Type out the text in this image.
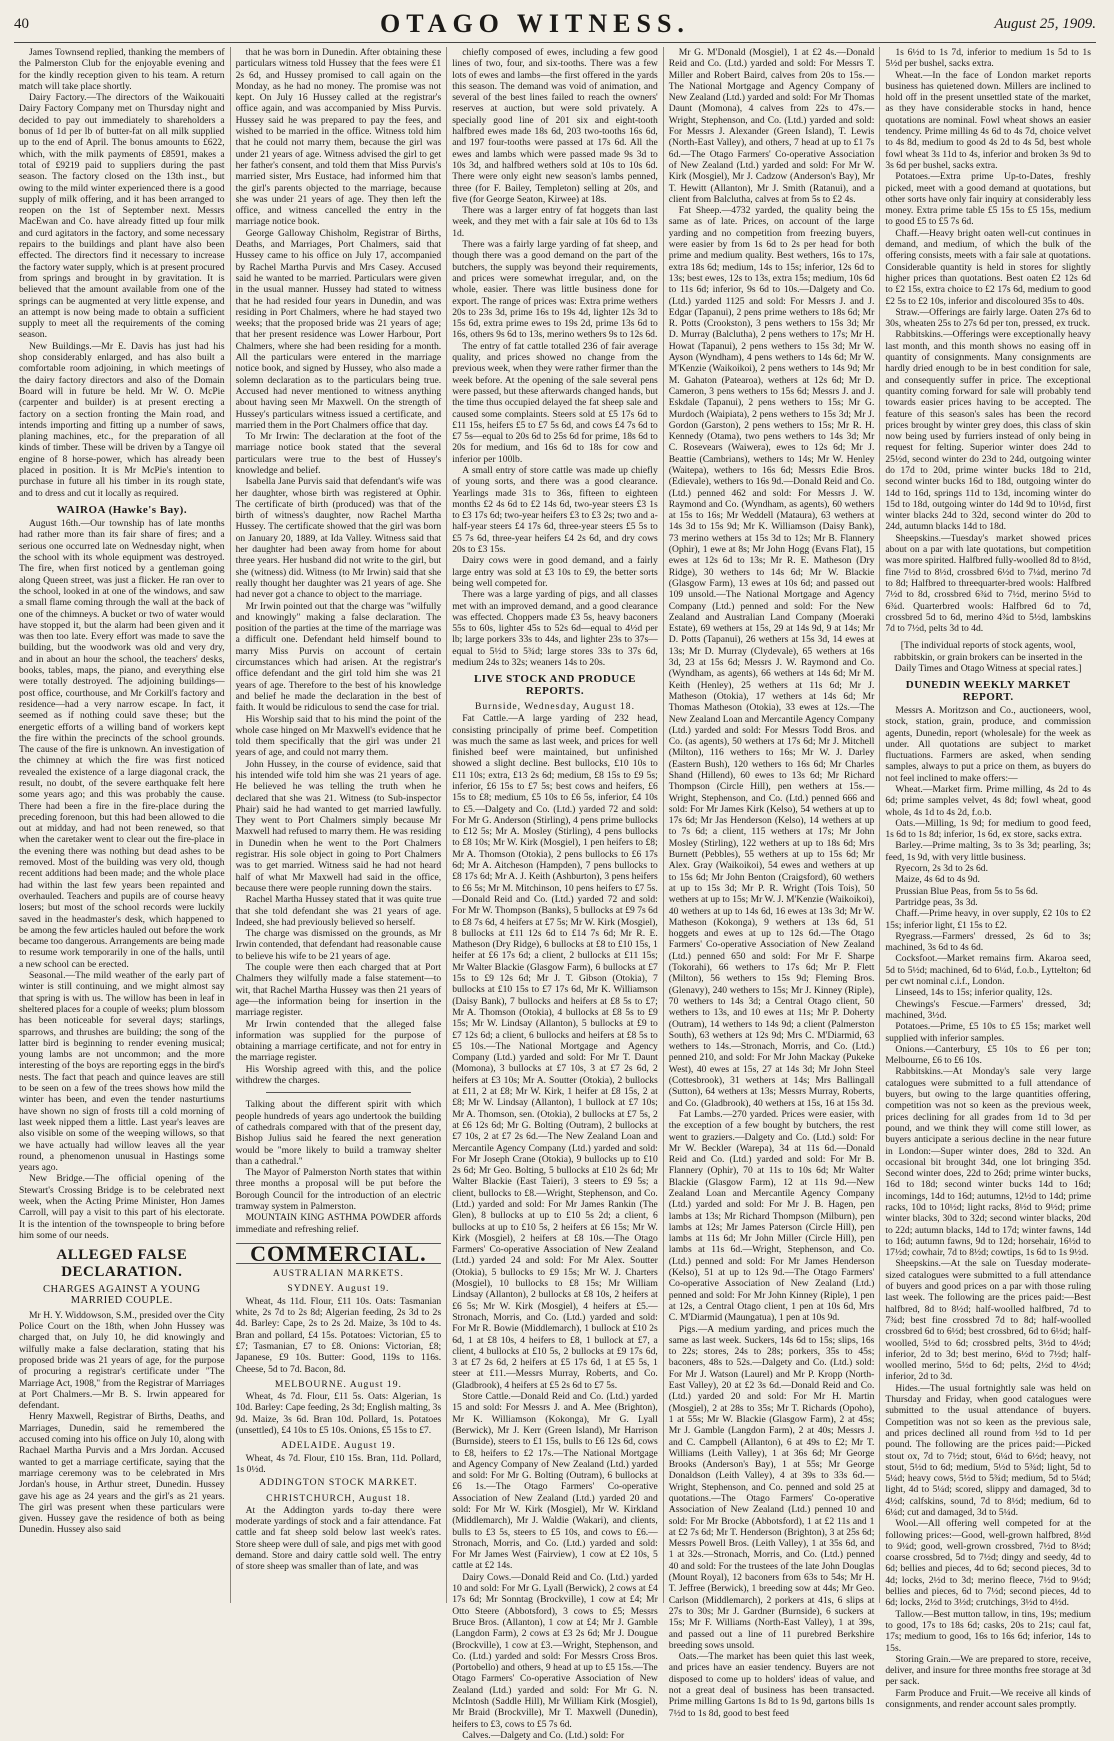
40	OTAGO WITNESS.	August 25, 1909.

James Townsend replied, thanking the members of the Palmerston Club for the enjoyable evening and for the kindly reception given to his team. A return match will take place shortly.

Dairy Factory.—The directors of the Waikouaiti Dairy Factory Company met on Thursday night and decided to pay out immediately to shareholders a bonus of 1d per lb of butter-fat on all milk supplied up to the end of April. The bonus amounts to £622, which, with the milk payments of £8591, makes a total of £9219 paid to suppliers during the past season. The factory closed on the 13th inst., but owing to the mild winter experienced there is a good supply of milk offering, and it has been arranged to reopen on the 1st of September next. Messrs MacEwan and Co. have already fitted up four milk and curd agitators in the factory, and some necessary repairs to the buildings and plant have also been effected. The directors find it necessary to increase the factory water supply, which is at present procured from springs and brought in by gravitation. It is believed that the amount available from one of the springs can be augmented at very little expense, and an attempt is now being made to obtain a sufficient supply to meet all the requirements of the coming season.

New Buildings.—Mr E. Davis has just had his shop considerably enlarged, and has also built a comfortable room adjoining, in which meetings of the dairy factory directors and also of the Domain Board will in future be held. Mr W. O. McPie (carpenter and builder) is at present erecting a factory on a section fronting the Main road, and intends importing and fitting up a number of saws, planing machines, etc., for the preparation of all kinds of timber. These will be driven by a Tangye oil engine of 8 horse-power, which has already been placed in position. It is Mr McPie's intention to purchase in future all his timber in its rough state, and to dress and cut it locally as required.

WAIROA (Hawke's Bay).

August 16th.—Our township has of late months had rather more than its fair share of fires; and a serious one occurred late on Wednesday night, when the school with its whole equipment was destroyed. The fire, when first noticed by a gentleman going along Queen street, was just a flicker. He ran over to the school, looked in at one of the windows, and saw a small flame coming through the wall at the back of one of the chimneys. A bucket or two of water would have stopped it, but the alarm had been given and it was then too late. Every effort was made to save the building, but the woodwork was old and very dry, and in about an hour the school, the teachers' desks, books, tables, maps, the piano, and everything else were totally destroyed. The adjoining buildings—post office, courthouse, and Mr Corkill's factory and residence—had a very narrow escape. In fact, it seemed as if nothing could save these; but the energetic efforts of a willing band of workers kept the fire within the precincts of the school grounds. The cause of the fire is unknown. An investigation of the chimney at which the fire was first noticed revealed the existence of a large diagonal crack, the result, no doubt, of the severe earthquake felt here some years ago; and this was probably the cause. There had been a fire in the fire-place during the preceding forenoon, but this had been allowed to die out at midday, and had not been renewed, so that when the caretaker went to clear out the fire-place in the evening there was nothing but dead ashes to be removed. Most of the building was very old, though recent additions had been made; and the whole place had within the last few years been repainted and overhauled. Teachers and pupils are of course heavy losers; but most of the school records were luckily saved in the headmaster's desk, which happened to be among the few articles hauled out before the work became too dangerous. Arrangements are being made to resume work temporarily in one of the halls, until a new school can be erected.

Seasonal.—The mild weather of the early part of winter is still continuing, and we might almost say that spring is with us. The willow has been in leaf in sheltered places for a couple of weeks; plum blossom has been noticeable for several days; starlings, sparrows, and thrushes are building; the song of the latter bird is beginning to render evening musical; young lambs are not uncommon; and the more interesting of the boys are reporting eggs in the bird's nests. The fact that peach and quince leaves are still to be seen on a few of the trees shows how mild the winter has been, and even the tender nasturtiums have shown no sign of frosts till a cold morning of last week nipped them a little. Last year's leaves are also visible on some of the weeping willows, so that we have actually had willow leaves all the year round, a phenomenon unusual in Hastings some years ago.

New Bridge.—The official opening of the Stewart's Crossing Bridge is to be celebrated next week, when the Acting Prime Minister, Hon James Carroll, will pay a visit to this part of his electorate. It is the intention of the townspeople to bring before him some of our needs.

ALLEGED FALSE DECLARATION.
CHARGES AGAINST A YOUNG MARRIED COUPLE.

Mr H. Y. Widdowson, S.M., presided over the City Police Court on the 18th, when John Hussey was charged that, on July 10, he did knowingly and wilfully make a false declaration, stating that his proposed bride was 21 years of age, for the purpose of procuring a registrar's certificate under "The Marriage Act, 1908," from the Registrar of Marriages at Port Chalmers.—Mr B. S. Irwin appeared for defendant.

Henry Maxwell, Registrar of Births, Deaths, and Marriages, Dunedin, said he remembered the accused coming into his office on July 10, along with Rachael Martha Purvis and a Mrs Jordan. Accused wanted to get a marriage certificate, saying that the marriage ceremony was to be celebrated in Mrs Jordan's house, in Arthur street, Dunedin. Hussey gave his age as 24 years and the girl's as 21 years. The girl was present when these particulars were given. Hussey gave the residence of both as being Dunedin. Hussey also said

that he was born in Dunedin. After obtaining these particulars witness told Hussey that the fees were £1 2s 6d, and Hussey promised to call again on the Monday, as he had no money. The promise was not kept. On July 16 Hussey called at the registrar's office again, and was accompanied by Miss Purvis. Hussey said he was prepared to pay the fees, and wished to be married in the office. Witness told him that he could not marry them, because the girl was under 21 years of age. Witness advised the girl to get her father's consent, and told them that Miss Purvis's married sister, Mrs Eustace, had informed him that the girl's parents objected to the marriage, because she was under 21 years of age. They then left the office, and witness cancelled the entry in the marriage notice book.

George Galloway Chisholm, Registrar of Births, Deaths, and Marriages, Port Chalmers, said that Hussey came to his office on July 17, accompanied by Rachel Martha Purvis and Mrs Casey. Accused said he wanted to be married. Particulars were given in the usual manner. Hussey had stated to witness that he had resided four years in Dunedin, and was residing in Port Chalmers, where he had stayed two weeks; that the proposed bride was 21 years of age; that her present residence was Lower Harbour, Port Chalmers, where she had been residing for a month. All the particulars were entered in the marriage notice book, and signed by Hussey, who also made a solemn declaration as to the particulars being true. Accused had never mentioned to witness anything about having seen Mr Maxwell. On the strength of Hussey's particulars witness issued a certificate, and married them in the Port Chalmers office that day.

To Mr Irwin: The declaration at the foot of the marriage notice book stated that the several particulars were true to the best of Hussey's knowledge and belief.

Isabella Jane Purvis said that defendant's wife was her daughter, whose birth was registered at Ophir. The certificate of birth (produced) was that of the birth of witness's daughter, now Rachel Martha Hussey. The certificate showed that the girl was born on January 20, 1889, at Ida Valley. Witness said that her daughter had been away from home for about three years. Her husband did not write to the girl, but she (witness) did. Witness (to Mr Irwin) said that she really thought her daughter was 21 years of age. She had never got a chance to object to the marriage.

Mr Irwin pointed out that the charge was "wilfully and knowingly" making a false declaration. The position of the parties at the time of the marriage was a difficult one. Defendant held himself bound to marry Miss Purvis on account of certain circumstances which had arisen. At the registrar's office defendant and the girl told him she was 21 years of age. Therefore to the best of his knowledge and belief he made the declaration in the best of faith. It would be ridiculous to send the case for trial.

His Worship said that to his mind the point of the whole case hinged on Mr Maxwell's evidence that he told them specifically that the girl was under 21 years of age, and could not marry them.

John Hussey, in the course of evidence, said that his intended wife told him she was 21 years of age. He believed he was telling the truth when he declared that she was 21. Witness (to Sub-inspector Phair) said he had wanted to get married lawfully. They went to Port Chalmers simply because Mr Maxwell had refused to marry them. He was residing in Dunedin when he went to the Port Chalmers registrar. His sole object in going to Port Chalmers was to get married. Witness said he had not heard half of what Mr Maxwell had said in the office, because there were people running down the stairs.

Rachel Martha Hussey stated that it was quite true that she told defendant she was 21 years of age. Indeed, she had previously believed so herself.

The charge was dismissed on the grounds, as Mr Irwin contended, that defendant had reasonable cause to believe his wife to be 21 years of age.

The couple were then each charged that at Port Chalmers they wilfully made a false statement—to wit, that Rachel Martha Hussey was then 21 years of age—the information being for insertion in the marriage register.

Mr Irwin contended that the alleged false information was supplied for the purpose of obtaining a marriage certificate, and not for entry in the marriage register.

His Worship agreed with this, and the police withdrew the charges.

Talking about the different spirit with which people hundreds of years ago undertook the building of cathedrals compared with that of the present day, Bishop Julius said he feared the next generation would be "more likely to build a tramway shelter than a cathedral."

The Mayor of Palmerston North states that within three months a proposal will be put before the Borough Council for the introduction of an electric tramway system in Palmerston.

MOUNTAIN KING ASTHMA POWDER affords immediate and refreshing relief.

COMMERCIAL.
AUSTRALIAN MARKETS.
SYDNEY. August 19.

Wheat, 4s 11d. Flour, £11 10s. Oats: Tasmanian white, 2s 7d to 2s 8d; Algerian feeding, 2s 3d to 2s 4d. Barley: Cape, 2s to 2s 2d. Maize, 3s 10d to 4s. Bran and pollard, £4 15s. Potatoes: Victorian, £5 to £7; Tasmanian, £7 to £8. Onions: Victorian, £8; Japanese, £9 10s. Butter: Good, 119s to 116s. Cheese, 5d to 7d. Bacon, 8d.

MELBOURNE. August 19.

Wheat, 4s 7d. Flour, £11 5s. Oats: Algerian, 1s 10d. Barley: Cape feeding, 2s 3d; English malting, 3s 9d. Maize, 3s 6d. Bran 10d. Pollard, 1s. Potatoes (unsettled), £4 10s to £5 10s. Onions, £5 15s to £7.

ADELAIDE. August 19.

Wheat, 4s 7d. Flour, £10 15s. Bran, 11d. Pollard, 1s 0½d.

ADDINGTON STOCK MARKET.
CHRISTCHURCH, August 18.

At the Addington yards to-day there were moderate yardings of stock and a fair attendance. Fat cattle and fat sheep sold below last week's rates. Store sheep were dull of sale, and pigs met with good demand. Store and dairy cattle sold well. The entry of store sheep was smaller than of late, and was

chiefly composed of ewes, including a few good lines of two, four, and six-tooths. There was a few lots of ewes and lambs—the first offered in the yards this season. The demand was void of animation, and several of the best lines failed to reach the owners' reserves at auction, but were sold privately. A specially good line of 201 six and eight-tooth halfbred ewes made 18s 6d, 203 two-tooths 16s 6d, and 197 four-tooths were passed at 17s 6d. All the ewes and lambs which were passed made 9s 3d to 10s 3d, and halfbred wethers sold at 10s to 10s 6d. There were only eight new season's lambs penned, three (for F. Bailey, Templeton) selling at 20s, and five (for George Seaton, Kirwee) at 18s.

There was a larger entry of fat hoggets than last week, and they met with a fair sale at 10s 6d to 13s 1d.

There was a fairly large yarding of fat sheep, and though there was a good demand on the part of the butchers, the supply was beyond their requirements, and prices were somewhat irregular, and, on the whole, easier. There was little business done for export. The range of prices was: Extra prime wethers 20s to 23s 3d, prime 16s to 19s 4d, lighter 12s 3d to 15s 6d, extra prime ewes to 19s 2d, prime 13s 6d to 16s, others 9s 6d to 13s, merino wethers 9s to 12s 6d.

The entry of fat cattle totalled 236 of fair average quality, and prices showed no change from the previous week, when they were rather firmer than the week before. At the opening of the sale several pens were passed, but these afterwards changed hands, but the time thus occupied delayed the fat sheep sale and caused some complaints. Steers sold at £5 17s 6d to £11 15s, heifers £5 to £7 5s 6d, and cows £4 7s 6d to £7 5s—equal to 20s 6d to 25s 6d for prime, 18s 6d to 20s for medium, and 16s 6d to 18s for cow and inferior per 100lb.

A small entry of store cattle was made up chiefly of young sorts, and there was a good clearance. Yearlings made 31s to 36s, fifteen to eighteen months £2 4s 6d to £2 14s 6d, two-year steers £3 1s to £3 17s 6d; two-year heifers £3 to £3 2s; two and a-half-year steers £4 17s 6d, three-year steers £5 5s to £5 7s 6d, three-year heifers £4 2s 6d, and dry cows 20s to £3 15s.

Dairy cows were in good demand, and a fairly large entry was sold at £3 10s to £9, the better sorts being well competed for.

There was a large yarding of pigs, and all classes met with an improved demand, and a good clearance was effected. Choppers made £3 5s, heavy baconers 55s to 60s, lighter 45s to 52s 6d—equal to 4½d per lb; large porkers 33s to 44s, and lighter 23s to 37s—equal to 5½d to 5¾d; large stores 33s to 37s 6d, medium 24s to 32s; weaners 14s to 20s.

LIVE STOCK AND PRODUCE REPORTS.
Burnside, Wednesday, August 18.

Fat Cattle.—A large yarding of 232 head, consisting principally of prime beef. Competition was much the same as last week, and prices for well finished beef were maintained, but unfinished showed a slight decline. Best bullocks, £10 10s to £11 10s; extra, £13 2s 6d; medium, £8 15s to £9 5s; inferior, £6 15s to £7 5s; best cows and heifers, £6 15s to £8; medium, £5 10s to £6 5s, inferior, £4 10s to £5.—Dalgety and Co. (Ltd.) yarded 72 and sold: For Mr G. Anderson (Stirling), 4 pens prime bullocks to £12 5s; Mr A. Mosley (Stirling), 4 pens bullocks to £8 10s; Mr W. Kirk (Mosgiel), 1 pen heifers to £8; Mr A. Thomson (Otokia), 2 pens bullocks to £6 17s 6d; Mr A. Aitcheson (Hampden), 7 pens bullocks to £8 17s 6d; Mr A. J. Keith (Ashburton), 3 pens heifers to £6 5s; Mr M. Mitchinson, 10 pens heifers to £7 5s.—Donald Reid and Co. (Ltd.) yarded 72 and sold: For Mr W. Thompson (Banks), 5 bullocks at £9 7s 6d to £8 7s 6d, 4 heifers at £7 5s; Mr W. Kirk (Mosgiel), 8 bullocks at £11 12s 6d to £14 7s 6d; Mr R. E. Matheson (Dry Ridge), 6 bullocks at £8 to £10 15s, 1 heifer at £6 17s 6d; a client, 2 bullocks at £11 15s; Mr Walter Blackie (Glasgow Farm), 6 bullocks at £7 15s to £9 12s 6d; Mr J. T. Gibson (Otokia), 7 bullocks at £10 15s to £7 17s 6d, Mr K. Williamson (Daisy Bank), 7 bullocks and heifers at £8 5s to £7; Mr A. Thomson (Otokia), 4 bullocks at £8 5s to £9 15s; Mr W. Lindsay (Allanton), 5 bullocks at £9 to £7 12s 6d; a client, 6 bullocks and heifers at £8 5s to £5 10s.—The National Mortgage and Agency Company (Ltd.) yarded and sold: For Mr T. Daunt (Momona), 3 bullocks at £7 10s, 3 at £7 2s 6d, 2 heifers at £3 10s; Mr A. Soutter (Otokia), 2 bullocks at £11, 2 at £8; Mr W. Kirk, 1 heifer at £8 15s, 2 at £8; Mr W. Lindsay (Allanton), 1 bullock at £7 10s; Mr A. Thomson, sen. (Otokia), 2 bullocks at £7 5s, 2 at £6 12s 6d; Mr G. Bolting (Outram), 2 bullocks at £7 10s, 2 at £7 2s 6d.—The New Zealand Loan and Mercantile Agency Company (Ltd.) yarded and sold: For Mr Joseph Crane (Otokia), 9 bullocks up to £10 2s 6d; Mr Geo. Bolting, 5 bullocks at £10 2s 6d; Mr Walter Blackie (East Taieri), 3 steers to £9 5s; a client, bullocks to £8.—Wright, Stephenson, and Co. (Ltd.) yarded and sold: For Mr James Rankin (The Glen), 8 bullocks at up to £10 5s 2d; a client, 6 bullocks at up to £10 5s, 2 heifers at £6 15s; Mr W. Kirk (Mosgiel), 2 heifers at £8 10s.—The Otago Farmers' Co-operative Association of New Zealand (Ltd.) yarded 24 and sold: For Mr Alex. Soutter (Otokia), 5 bullocks to £9 15s; Mr W. J. Charters (Mosgiel), 10 bullocks to £8 15s; Mr William Lindsay (Allanton), 2 bullocks at £8 10s, 2 heifers at £6 5s; Mr W. Kirk (Mosgiel), 4 heifers at £5.—Stronach, Morris, and Co. (Ltd.) yarded and sold: For Mr R. Bowie (Middlemarch), 1 bullock at £10 2s 6d, 1 at £8 10s, 4 heifers to £8, 1 bullock at £7, a client, 4 bullocks at £10 5s, 2 bullocks at £9 17s 6d, 3 at £7 2s 6d, 2 heifers at £5 17s 6d, 1 at £5 5s, 1 steer at £11.—Messrs Murray, Roberts, and Co. (Gladbrook), 4 heifers at £5 2s 6d to £7 5s.

Store Cattle.—Donald Reid and Co. (Ltd.) yarded 15 and sold: For Messrs J. and A. Mee (Brighton), Mr K. Williamson (Kokonga), Mr G. Lyall (Berwick), Mr J. Kerr (Green Island), Mr Harrison (Burnside), steers to £1 15s, bulls to £6 12s 6d, cows to £8, heifers to £2 17s.—The National Mortgage and Agency Company of New Zealand (Ltd.) yarded and sold: For Mr G. Bolting (Outram), 6 bullocks at £6 1s.—The Otago Farmers' Co-operative Association of New Zealand (Ltd.) yarded 20 and sold: For Mr W. Kirk (Mosgiel), Mr W. Kirkland (Middlemarch), Mr J. Waldie (Wakari), and clients, bulls to £3 5s, steers to £5 10s, and cows to £6.—Stronach, Morris, and Co. (Ltd.) yarded and sold: For Mr James West (Fairview), 1 cow at £2 10s, 5 cattle at £2 14s.

Dairy Cows.—Donald Reid and Co. (Ltd.) yarded 10 and sold: For Mr G. Lyall (Berwick), 2 cows at £4 17s 6d; Mr Sonntag (Brockville), 1 cow at £4; Mr Otto Steere (Abbotsford), 3 cows to £5; Messrs Bruce Bros. (Allanton), 1 cow at £4; Mr J. Gamble (Langdon Farm), 2 cows at £3 2s 6d; Mr J. Dougue (Brockville), 1 cow at £3.—Wright, Stephenson, and Co. (Ltd.) yarded and sold: For Messrs Cross Bros. (Portobello) and others, 9 head at up to £5 15s.—The Otago Farmers' Co-operative Association of New Zealand (Ltd.) yarded and sold: For Mr G. N. McIntosh (Saddle Hill), Mr William Kirk (Mosgiel), Mr Braid (Brockville), Mr T. Maxwell (Dunedin), heifers to £3, cows to £5 7s 6d.

Calves.—Dalgety and Co. (Ltd.) sold: For

Mr G. M'Donald (Mosgiel), 1 at £2 4s.—Donald Reid and Co. (Ltd.) yarded and sold: For Messrs T. Miller and Robert Baird, calves from 20s to 15s.—The National Mortgage and Agency Company of New Zealand (Ltd.) yarded and sold: For Mr Thomas Daunt (Momona), 4 calves from 22s to 47s.—Wright, Stephenson, and Co. (Ltd.) yarded and sold: For Messrs J. Alexander (Green Island), T. Lewis (North-East Valley), and others, 7 head at up to £1 7s 6d.—The Otago Farmers' Co-operative Association of New Zealand (Ltd.) yarded and sold: For Mr W. Kirk (Mosgiel), Mr J. Cadzow (Anderson's Bay), Mr T. Hewitt (Allanton), Mr J. Smith (Ratanui), and a client from Balclutha, calves at from 5s to £2 4s.

Fat Sheep.—4732 yarded, the quality being the same as of late. Prices, on account of the large yarding and no competition from freezing buyers, were easier by from 1s 6d to 2s per head for both prime and medium quality. Best wethers, 16s to 17s, extra 18s 6d; medium, 14s to 15s; inferior, 12s 6d to 13s; best ewes, 12s to 13s, extra 15s; medium, 10s 6d to 11s 6d; inferior, 9s 6d to 10s.—Dalgety and Co. (Ltd.) yarded 1125 and sold: For Messrs J. and J. Edgar (Tapanui), 2 pens prime wethers to 18s 6d; Mr R. Potts (Crookston), 3 pens wethers to 15s 3d; Mr D. Murray (Balclutha), 2 pens wethers to 17s; Mr H. Howat (Tapanui), 2 pens wethers to 15s 3d; Mr W. Ayson (Wyndham), 4 pens wethers to 14s 6d; Mr W. M'Kenzie (Waikoikoi), 2 pens wethers to 14s 9d; Mr M. Gahaton (Patearoa), wethers at 12s 6d; Mr D. Cameron, 3 pens wethers to 15s 6d; Messrs J. and J. Eskdale (Tapanui), 2 pens wethers to 15s; Mr G. Murdoch (Waipiata), 2 pens wethers to 15s 3d; Mr J. Gordon (Garston), 2 pens wethers to 15s; Mr R. H. Kennedy (Otama), two pens wethers to 14s 3d; Mr C. Rosevears (Waiwera), ewes to 12s 6d; Mr J. Beattie (Cambrians), wethers to 14s; Mr W. Henley (Waitepa), wethers to 16s 6d; Messrs Edie Bros. (Edievale), wethers to 16s 9d.—Donald Reid and Co. (Ltd.) penned 462 and sold: For Messrs J. W. Raymond and Co. (Wyndham, as agents), 60 wethers at 15s to 16s; Mr Weddell (Mataura), 63 wethers at 14s 3d to 15s 9d; Mr K. Williamson (Daisy Bank), 73 merino wethers at 15s 3d to 12s; Mr B. Flannery (Ophir), 1 ewe at 8s; Mr John Hogg (Evans Flat), 15 ewes at 12s 6d to 13s; Mr R. E. Matheson (Dry Ridge), 30 wethers to 14s 6d; Mr W. Blackie (Glasgow Farm), 13 ewes at 10s 6d; and passed out 109 unsold.—The National Mortgage and Agency Company (Ltd.) penned and sold: For the New Zealand and Australian Land Company (Moeraki Estate), 69 wethers at 15s, 29 at 14s 9d, 9 at 14s; Mr D. Potts (Tapanui), 26 wethers at 15s 3d, 14 ewes at 13s; Mr D. Murray (Clydevale), 65 wethers at 16s 3d, 23 at 15s 6d; Messrs J. W. Raymond and Co. (Wyndham, as agents), 66 wethers at 14s 6d; Mr M. Keith (Henley), 25 wethers at 11s 6d; Mr J. Matheson (Otokia), 17 wethers at 14s 6d; Mr Thomas Matheson (Otokia), 33 ewes at 12s.—The New Zealand Loan and Mercantile Agency Company (Ltd.) yarded and sold: For Messrs Todd Bros. and Co. (as agents), 50 wethers at 17s 6d; Mr J. Mitchell (Milton), 116 wethers to 16s; Mr W. J. Darley (Eastern Bush), 120 wethers to 16s 6d; Mr Charles Shand (Hillend), 60 ewes to 13s 6d; Mr Richard Thompson (Circle Hill), pen wethers at 15s.—Wright, Stephenson, and Co. (Ltd.) penned 666 and sold: For Mr James Kirk (Kelso), 54 wethers at up to 17s 6d; Mr Jas Henderson (Kelso), 14 wethers at up to 7s 6d; a client, 115 wethers at 17s; Mr John Mosley (Stirling), 122 wethers at up to 18s 6d; Mrs Burnett (Pebbles), 55 wethers at up to 15s 6d; Mr Alex. Gray (Waikoikoi), 54 ewes and wethers at up to 15s 6d; Mr John Benton (Craigsford), 60 wethers at up to 15s 3d; Mr P. R. Wright (Tois Tois), 50 wethers at up to 15s; Mr W. J. M'Kenzie (Waikoikoi), 40 wethers at up to 14s 6d, 16 ewes at 13s 3d; Mr W. Matheson (Kokonga), 9 wethers at 13s 6d, 51 hoggets and ewes at up to 12s 6d.—The Otago Farmers' Co-operative Association of New Zealand (Ltd.) penned 650 and sold: For Mr F. Sharpe (Tokorahi), 66 wethers to 17s 6d; Mr P. Flett (Milton), 56 wethers to 15s 9d; Fleming Bros. (Glenavy), 240 wethers to 15s; Mr J. Kinney (Riple), 70 wethers to 14s 3d; a Central Otago client, 50 wethers to 13s, and 10 ewes at 11s; Mr P. Doherty (Outram), 14 wethers to 14s 9d; a client (Palmerston South), 63 wethers at 12s 9d; Mrs C. M'Diarmid, 63 wethers to 14s.—Stronach, Morris, and Co. (Ltd.) penned 210, and sold: For Mr John Mackay (Pukeke West), 40 ewes at 15s, 27 at 14s 3d; Mr John Steel (Cottesbrook), 31 wethers at 14s; Mrs Ballingall (Sutton), 64 wethers at 13s; Messrs Murray, Roberts, and Co. (Gladbrook), 40 wethers at 15s, 16 at 15s 3d.

Fat Lambs.—270 yarded. Prices were easier, with the exception of a few bought by butchers, the rest went to graziers.—Dalgety and Co. (Ltd.) sold: For Mr W. Beckler (Warepa), 34 at 11s 6d.—Donald Reid and Co. (Ltd.) yarded and sold: For Mr B. Flannery (Ophir), 70 at 11s to 10s 6d; Mr Walter Blackie (Glasgow Farm), 12 at 11s 9d.—New Zealand Loan and Mercantile Agency Company (Ltd.) yarded and sold: For Mr J. B. Hagen, pen lambs at 13s; Mr Richard Thompson (Milburn), pen lambs at 12s; Mr James Paterson (Circle Hill), pen lambs at 11s 6d; Mr John Miller (Circle Hill), pen lambs at 11s 6d.—Wright, Stephenson, and Co. (Ltd.) penned and sold: For Mr James Henderson (Kelso), 51 at up to 12s 9d.—The Otago Farmers' Co-operative Association of New Zealand (Ltd.) penned and sold: For Mr John Kinney (Riple), 1 pen at 12s, a Central Otago client, 1 pen at 10s 6d, Mrs C. M'Diarmid (Maungatua), 1 pen at 10s 9d.

Pigs.—A medium yarding, and prices much the same as last week. Suckers, 14s 6d to 15s; slips, 16s to 22s; stores, 24s to 28s; porkers, 35s to 45s; baconers, 48s to 52s.—Dalgety and Co. (Ltd.) sold: For Mr J. Watson (Laurel) and Mr P. Kropp (North-East Valley), 20 at £2 3s 6d.—Donald Reid and Co. (Ltd.) yarded 20 and sold: For Mr H. Martin (Mosgiel), 2 at 28s to 35s; Mr T. Richards (Opoho), 1 at 55s; Mr W. Blackie (Glasgow Farm), 2 at 45s; Mr J. Gamble (Langdon Farm), 2 at 40s; Messrs J. and C. Campbell (Allanton), 6 at 49s to £2; Mr T. Williams (Leith Valley), 1 at 36s 6d; Mr George Brooks (Anderson's Bay), 1 at 55s; Mr George Donaldson (Leith Valley), 4 at 39s to 33s 6d.—Wright, Stephenson, and Co. penned and sold 25 at quotations.—The Otago Farmers' Co-operative Association of New Zealand (Ltd.) penned 10 and sold: For Mr Brocke (Abbotsford), 1 at £2 11s and 1 at £2 7s 6d; Mr T. Henderson (Brighton), 3 at 25s 6d; Messrs Powell Bros. (Leith Valley), 1 at 35s 6d, and 1 at 32s.—Stronach, Morris, and Co. (Ltd.) penned 40 and sold: For the trustees of the late John Douglas (Mount Royal), 12 baconers from 63s to 54s; Mr H. T. Jeffree (Berwick), 1 breeding sow at 44s; Mr Geo. Carlson (Middlemarch), 2 porkers at 41s, 6 slips at 27s to 30s; Mr J. Gardner (Burnside), 6 suckers at 15s; Mr F. Williams (North-East Valley), 1 at 39s, and passed out a line of 11 purebred Berkshire breeding sows unsold.

Oats.—The market has been quiet this last week, and prices have an easier tendency. Buyers are not disposed to come up to holders' ideas of value, and not a great deal of business has been transacted. Prime milling Gartons 1s 8d to 1s 9d, gartons bills 1s 7½d to 1s 8d, good to best feed

1s 6½d to 1s 7d, inferior to medium 1s 5d to 1s 5½d per bushel, sacks extra.

Wheat.—In the face of London market reports business has quietened down. Millers are inclined to hold off in the present unsettled state of the market, as they have considerable stocks in hand, hence quotations are nominal. Fowl wheat shows an easier tendency. Prime milling 4s 6d to 4s 7d, choice velvet to 4s 8d, medium to good 4s 2d to 4s 5d, best whole fowl wheat 3s 11d to 4s, inferior and broken 3s 9d to 3s 6d per bushel, sacks extra.

Potatoes.—Extra prime Up-to-Dates, freshly picked, meet with a good demand at quotations, but other sorts have only fair inquiry at considerably less money. Extra prime table £5 15s to £5 15s, medium to good £5 to £5 7s 6d.

Chaff.—Heavy bright oaten well-cut continues in demand, and medium, of which the bulk of the offering consists, meets with a fair sale at quotations. Considerable quantity is held in stores for slightly higher prices than quotations. Best oaten £2 12s 6d to £2 15s, extra choice to £2 17s 6d, medium to good £2 5s to £2 10s, inferior and discoloured 35s to 40s.

Straw.—Offerings are fairly large. Oaten 27s 6d to 30s, wheaten 25s to 27s 6d per ton, pressed, ex truck.

Rabbitskins.—Offerings were exceptionally heavy last month, and this month shows no easing off in quantity of consignments. Many consignments are hardly dried enough to be in best condition for sale, and consequently suffer in price. The exceptional quantity coming forward for sale will probably tend towards easier prices having to be accepted. The feature of this season's sales has been the record prices brought by winter grey does, this class of skin now being used by furriers instead of only being in request for felting. Superior winter does 24d to 25½d, second winter do 23d to 24d, outgoing winter do 17d to 20d, prime winter bucks 18d to 21d, second winter bucks 16d to 18d, outgoing winter do 14d to 16d, springs 11d to 13d, incoming winter do 15d to 18d, outgoing winter do 14d 9d to 10½d, first winter blacks 24d to 32d, second winter do 20d to 24d, autumn blacks 14d to 18d.

Sheepskins.—Tuesday's market showed prices about on a par with late quotations, but competition was more spirited. Halfbred fully-woolled 8d to 8½d, fine 7½d to 8½d, crossbred 6½d to 7¼d, merino 7d to 8d; Halfbred to threequarter-bred wools: Halfbred 7½d to 8d, crossbred 6¾d to 7½d, merino 5½d to 6¾d. Quarterbred wools: Halfbred 6d to 7d, crossbred 5d to 6d, merino 4¾d to 5½d, lambskins 7d to 7½d, pelts 3d to 4d.

[The individual reports of stock agents, wool, rabbitskin, or grain brokers can be inserted in the Daily Times and Otago Witness at special rates.]
DUNEDIN WEEKLY MARKET REPORT.

Messrs A. Moritzson and Co., auctioneers, wool, stock, station, grain, produce, and commission agents, Dunedin, report (wholesale) for the week as under. All quotations are subject to market fluctuations. Farmers are asked, when sending samples, always to put a price on them, as buyers do not feel inclined to make offers:—

Wheat.—Market firm. Prime milling, 4s 2d to 4s 6d; prime samples velvet, 4s 8d; fowl wheat, good whole, 4s 1d to 4s 2d, f.o.b.

Oats.—Milling, 1s 9d; for medium to good feed, 1s 6d to 1s 8d; inferior, 1s 6d, ex store, sacks extra.

Barley.—Prime malting, 3s to 3s 3d; pearling, 3s; feed, 1s 9d, with very little business.

Ryecorn, 2s 3d to 2s 6d.

Maize, 4s 6d to 4s 9d.

Prussian Blue Peas, from 5s to 5s 6d.

Partridge peas, 3s 3d.

Chaff.—Prime heavy, in over supply, £2 10s to £2 15s; inferior light, £1 15s to £2.

Ryegrass.—Farmers' dressed, 2s 6d to 3s; machined, 3s 6d to 4s 6d.

Cocksfoot.—Market remains firm. Akaroa seed, 5d to 5½d; machined, 6d to 6¼d, f.o.b., Lyttelton; 6d per cwt nominal c.i.f., London.

Linseed, 14s to 15s; inferior quality, 12s.

Chewings's Fescue.—Farmers' dressed, 3d; machined, 3½d.

Potatoes.—Prime, £5 10s to £5 15s; market well supplied with inferior samples.

Onions.—Canterbury, £5 10s to £6 per ton; Melbourne, £6 to £6 10s.

Rabbitskins.—At Monday's sale very large catalogues were submitted to a full attendance of buyers, but owing to the large quantities offering, competition was not so keen as the previous week, prices declining for all grades from 1d to 3d per pound, and we think they will come still lower, as buyers anticipate a serious decline in the near future in London:—Super winter does, 28d to 32d. An occasional bit brought 34d, one lot bringing 35d. Second winter does, 22d to 26d; prime winter bucks, 16d to 18d; second winter bucks 14d to 16d; incomings, 14d to 16d; autumns, 12½d to 14d; prime racks, 10d to 10½d; light racks, 8½d to 9½d; prime winter blacks, 30d to 32d; second winter blacks, 20d to 22d; autumn blacks, 14d to 17d; winter fawns, 14d to 16d; autumn fawns, 9d to 12d; horsehair, 16½d to 17½d; cowhair, 7d to 8½d; cowtips, 1s 6d to 1s 9½d.

Sheepskins.—At the sale on Tuesday moderate-sized catalogues were submitted to a full attendance of buyers and good prices on a par with those ruling last week. The following are the prices paid:—Best halfbred, 8d to 8½d; half-woolled halfbred, 7d to 7¾d; best fine crossbred 7d to 8d; half-woolled crossbred 6d to 6½d; best crossbred, 6d to 6½d; half-woolled, 5½d to 6d; crossbred pelts, 3½d to 4½d; inferior, 2d to 3d; best merino, 6½d to 7½d; half-woolled merino, 5½d to 6d; pelts, 2½d to 4½d; inferior, 2d to 3d.

Hides.—The usual fortnightly sale was held on Thursday and Friday, when good catalogues were submitted to the usual attendance of buyers. Competition was not so keen as the previous sale, and prices declined all round from ½d to 1d per pound. The following are the prices paid:—Picked stout ox, 7d to 7½d; stout, 6¼d to 6½d; heavy, not stout, 5½d to 6d; medium, 5½d to 5¾d; light, 5d to 5¼d; heavy cows, 5½d to 5¾d; medium, 5d to 5¼d; light, 4d to 5¼d; scored, slippy and damaged, 3d to 4½d; calfskins, sound, 7d to 8½d; medium, 6d to 6¼d; cut and damaged, 3d to 5¼d.

Wool.—All offering well competed for at the following prices:—Good, well-grown halfbred, 8½d to 9¼d; good, well-grown crossbred, 7½d to 8½d; coarse crossbred, 5d to 7½d; dingy and seedy, 4d to 6d; bellies and pieces, 4d to 6d; second pieces, 3d to 4d; locks, 2½d to 3d; merino fleece, 7½d to 9½d; bellies and pieces, 6d to 7½d; second pieces, 4d to 6d; locks, 2½d to 3½d; crutchings, 3½d to 4½d.

Tallow.—Best mutton tallow, in tins, 19s; medium to good, 17s to 18s 6d; casks, 20s to 21s; caul fat, 17s; medium to good, 16s to 16s 6d; inferior, 14s to 15s.

Storing Grain.—We are prepared to store, receive, deliver, and insure for three months free storage at 3d per sack.

Farm Produce and Fruit.—We receive all kinds of consignments, and render account sales promptly.
